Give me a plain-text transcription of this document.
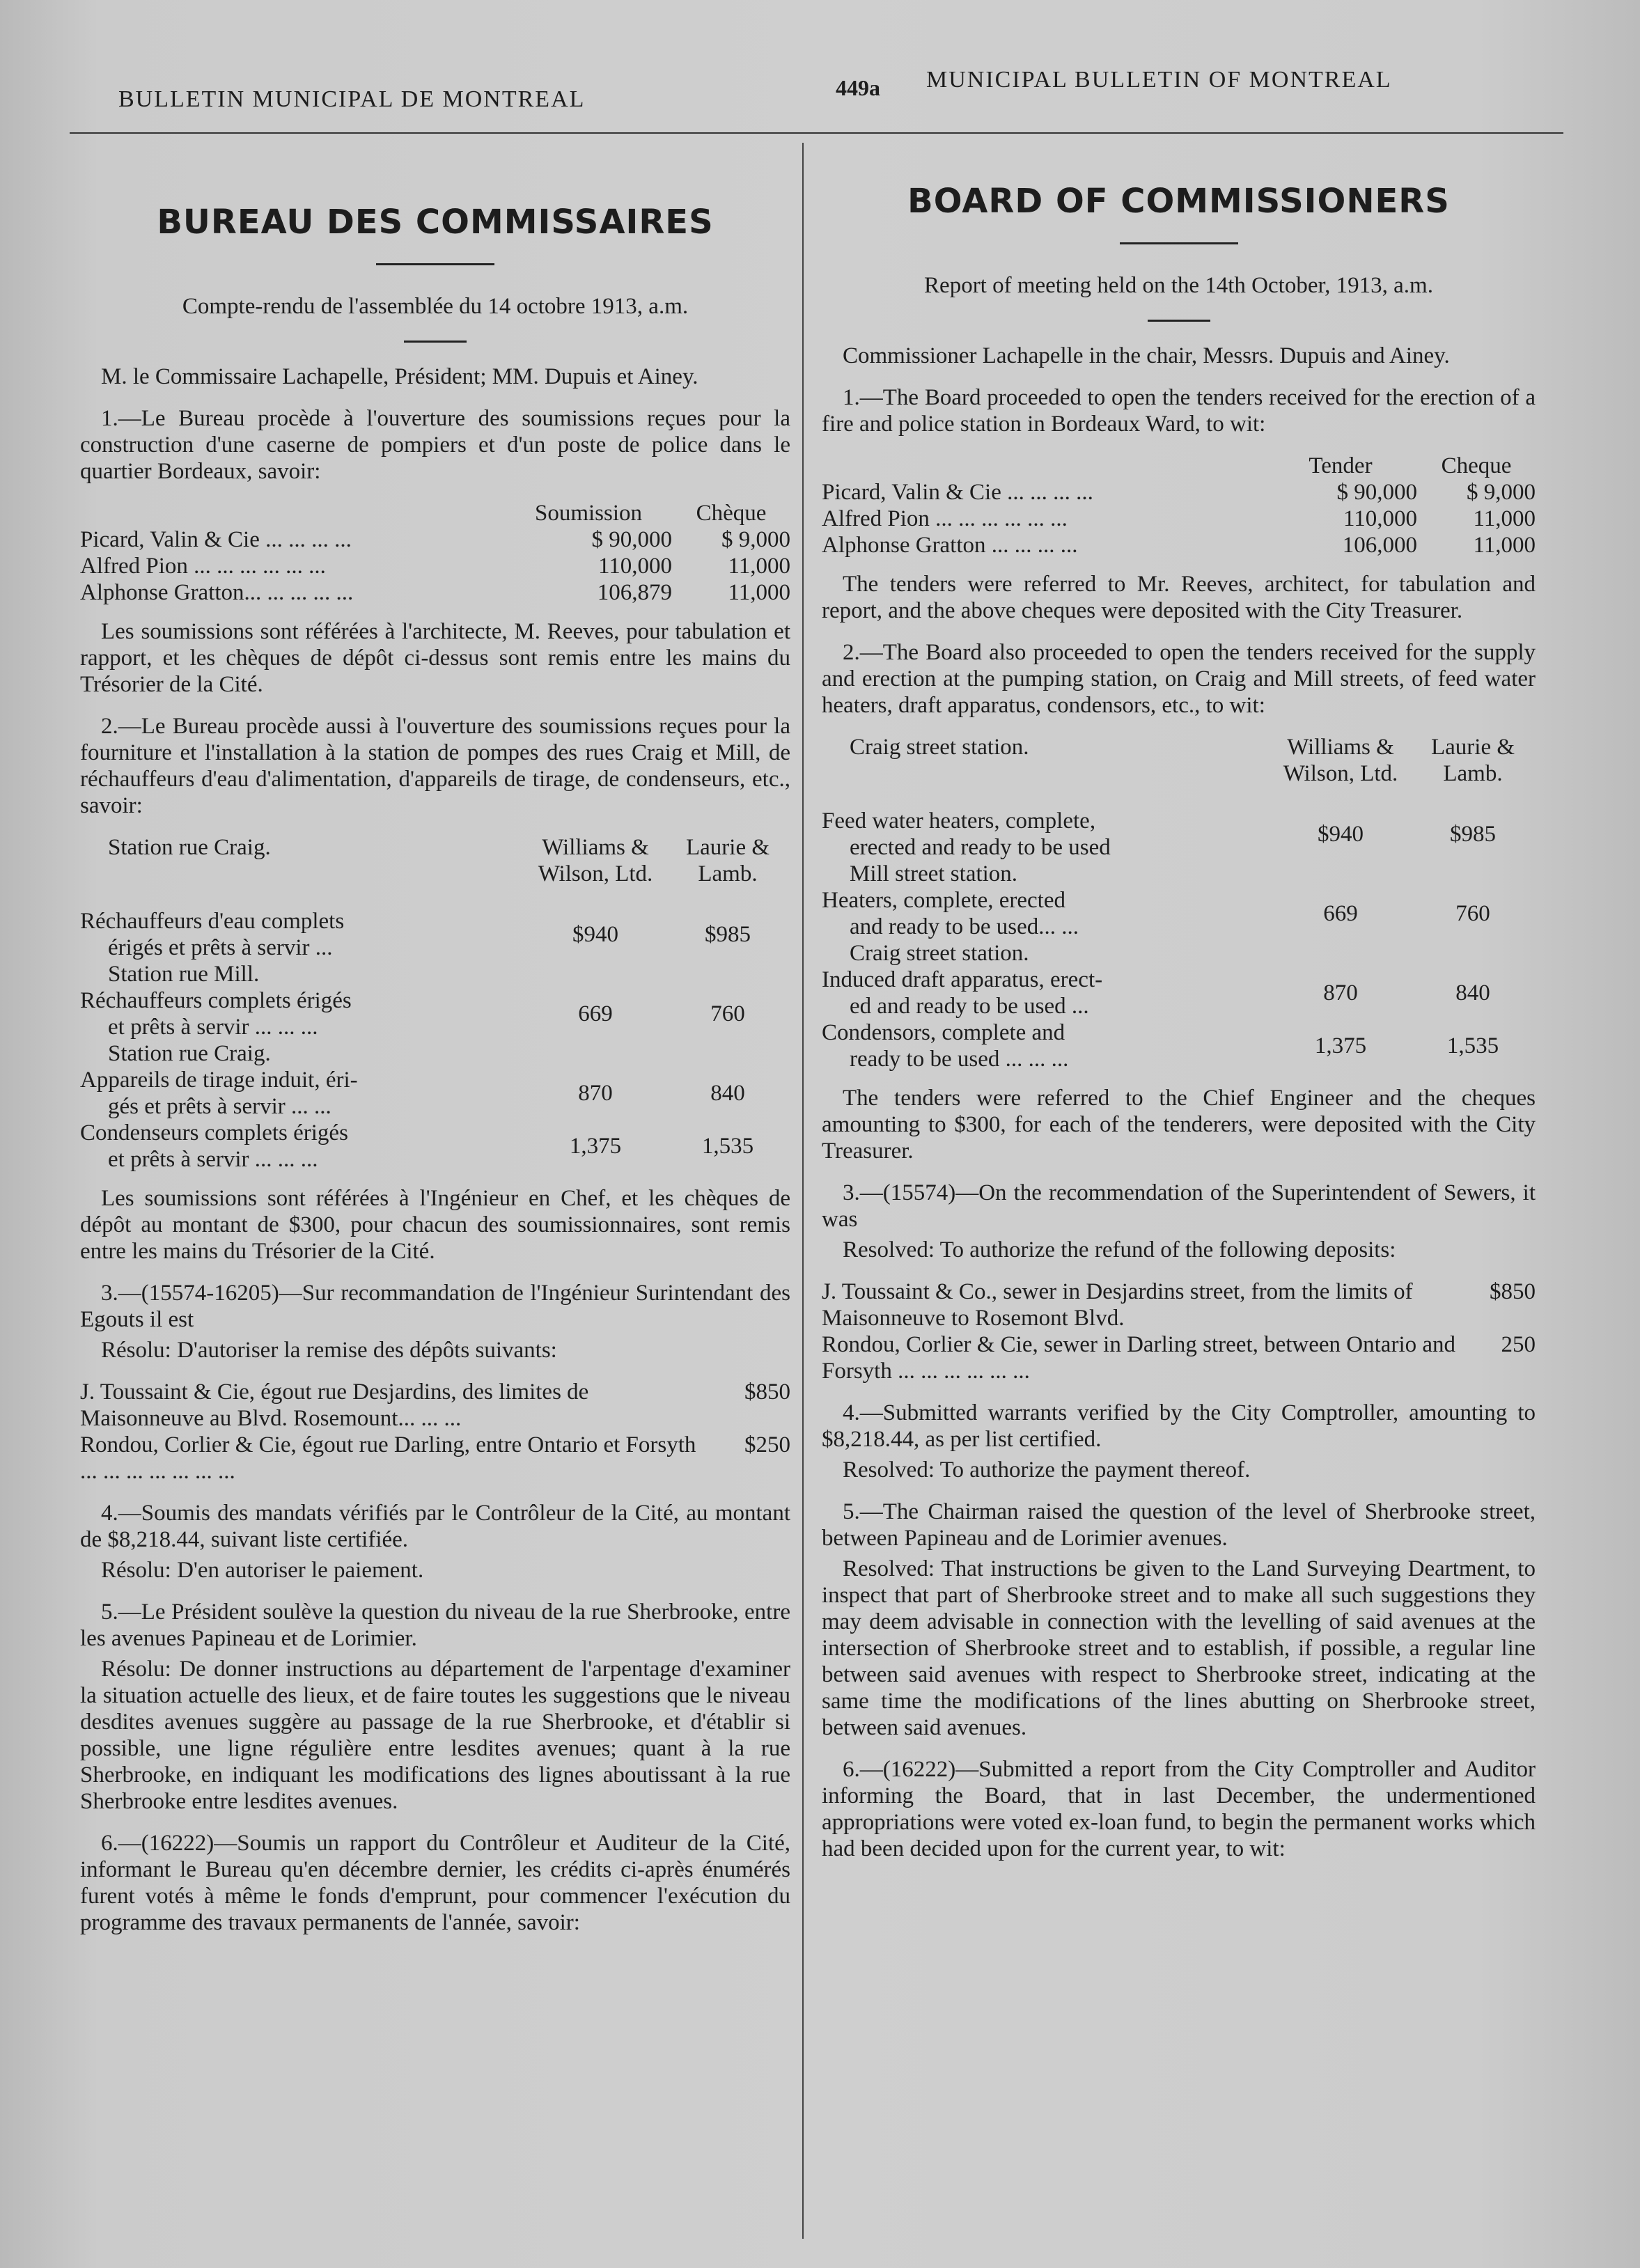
BULLETIN MUNICIPAL DE MONTREAL	449a MUNICIPAL BULLETIN OF MONTREAL
BUREAU DES COMMISSAIRES
Compte-rendu de l'assemblée du 14 octobre 1913, a.m.

M. le Commissaire Lachapelle, Président; MM. Dupuis et Ainey.

1.—Le Bureau procède à l'ouverture des soumissions reçues pour la construction d'une caserne de pompiers et d'un poste de police dans le quartier Bordeaux, savoir:

	Soumission	Chèque
Picard, Valin & Cie ... ... ... ...	$ 90,000	$ 9,000
Alfred Pion ... ... ... ... ... ...	110,000	11,000
Alphonse Gratton... ... ... ... ...	106,879	11,000

Les soumissions sont référées à l'architecte, M. Reeves, pour tabulation et rapport, et les chèques de dépôt ci-dessus sont remis entre les mains du Trésorier de la Cité.

2.—Le Bureau procède aussi à l'ouverture des soumissions reçues pour la fourniture et l'installation à la station de pompes des rues Craig et Mill, de réchauffeurs d'eau d'alimentation, d'appareils de tirage, de condenseurs, etc., savoir:

Station rue Craig.	Williams & Wilson, Ltd.	Laurie & Lamb.

Réchauffeurs d'eau complets
érigés et prêts à servir ...	$940	$985
Station rue Mill.		

Réchauffeurs complets érigés
et prêts à servir ... ... ...	669	760
Station rue Craig.		

Appareils de tirage induit, éri-
gés et prêts à servir ... ...	870	840

Condenseurs complets érigés
et prêts à servir ... ... ...	1,375	1,535

Les soumissions sont référées à l'Ingénieur en Chef, et les chèques de dépôt au montant de $300, pour chacun des soumissionnaires, sont remis entre les mains du Trésorier de la Cité.

3.—(15574-16205)—Sur recommandation de l'Ingénieur Surintendant des Egouts il est

Résolu: D'autoriser la remise des dépôts suivants:

J. Toussaint & Cie, égout rue Desjardins, des limites de Maisonneuve au Blvd. Rosemount... ... ...
$850
Rondou, Corlier & Cie, égout rue Darling, entre Ontario et Forsyth ... ... ... ... ... ... ...
$250

4.—Soumis des mandats vérifiés par le Contrôleur de la Cité, au montant de $8,218.44, suivant liste certifiée.

Résolu: D'en autoriser le paiement.

5.—Le Président soulève la question du niveau de la rue Sherbrooke, entre les avenues Papineau et de Lorimier.

Résolu: De donner instructions au département de l'arpentage d'examiner la situation actuelle des lieux, et de faire toutes les suggestions que le niveau desdites avenues suggère au passage de la rue Sherbrooke, et d'établir si possible, une ligne régulière entre lesdites avenues; quant à la rue Sherbrooke, en indiquant les modifications des lignes aboutissant à la rue Sherbrooke entre lesdites avenues.

6.—(16222)—Soumis un rapport du Contrôleur et Auditeur de la Cité, informant le Bureau qu'en décembre dernier, les crédits ci-après énumérés furent votés à même le fonds d'emprunt, pour commencer l'exécution du programme des travaux permanents de l'année, savoir:

BOARD OF COMMISSIONERS
Report of meeting held on the 14th October, 1913, a.m.

Commissioner Lachapelle in the chair, Messrs. Dupuis and Ainey.

1.—The Board proceeded to open the tenders received for the erection of a fire and police station in Bordeaux Ward, to wit:

	Tender	Cheque
Picard, Valin & Cie ... ... ... ...	$ 90,000	$ 9,000
Alfred Pion ... ... ... ... ... ...	110,000	11,000
Alphonse Gratton ... ... ... ...	106,000	11,000

The tenders were referred to Mr. Reeves, architect, for tabulation and report, and the above cheques were deposited with the City Treasurer.

2.—The Board also proceeded to open the tenders received for the supply and erection at the pumping station, on Craig and Mill streets, of feed water heaters, draft apparatus, condensors, etc., to wit:

Craig street station.	Williams & Wilson, Ltd.	Laurie & Lamb.

Feed water heaters, complete,
erected and ready to be used	$940	$985
Mill street station.		

Heaters, complete, erected
and ready to be used... ...	669	760
Craig street station.		

Induced draft apparatus, erect-
ed and ready to be used ...	870	840

Condensors, complete and
ready to be used ... ... ...	1,375	1,535

The tenders were referred to the Chief Engineer and the cheques amounting to $300, for each of the tenderers, were deposited with the City Treasurer.

3.—(15574)—On the recommendation of the Superintendent of Sewers, it was

Resolved: To authorize the refund of the following deposits:

J. Toussaint & Co., sewer in Desjardins street, from the limits of Maisonneuve to Rosemont Blvd.
$850
Rondou, Corlier & Cie, sewer in Darling street, between Ontario and Forsyth ... ... ... ... ... ...
250

4.—Submitted warrants verified by the City Comptroller, amounting to $8,218.44, as per list certified.

Resolved: To authorize the payment thereof.

5.—The Chairman raised the question of the level of Sherbrooke street, between Papineau and de Lorimier avenues.

Resolved: That instructions be given to the Land Surveying Deartment, to inspect that part of Sherbrooke street and to make all such suggestions they may deem advisable in connection with the levelling of said avenues at the intersection of Sherbrooke street and to establish, if possible, a regular line between said avenues with respect to Sherbrooke street, indicating at the same time the modifications of the lines abutting on Sherbrooke street, between said avenues.

6.—(16222)—Submitted a report from the City Comptroller and Auditor informing the Board, that in last December, the undermentioned appropriations were voted ex-loan fund, to begin the permanent works which had been decided upon for the current year, to wit:
